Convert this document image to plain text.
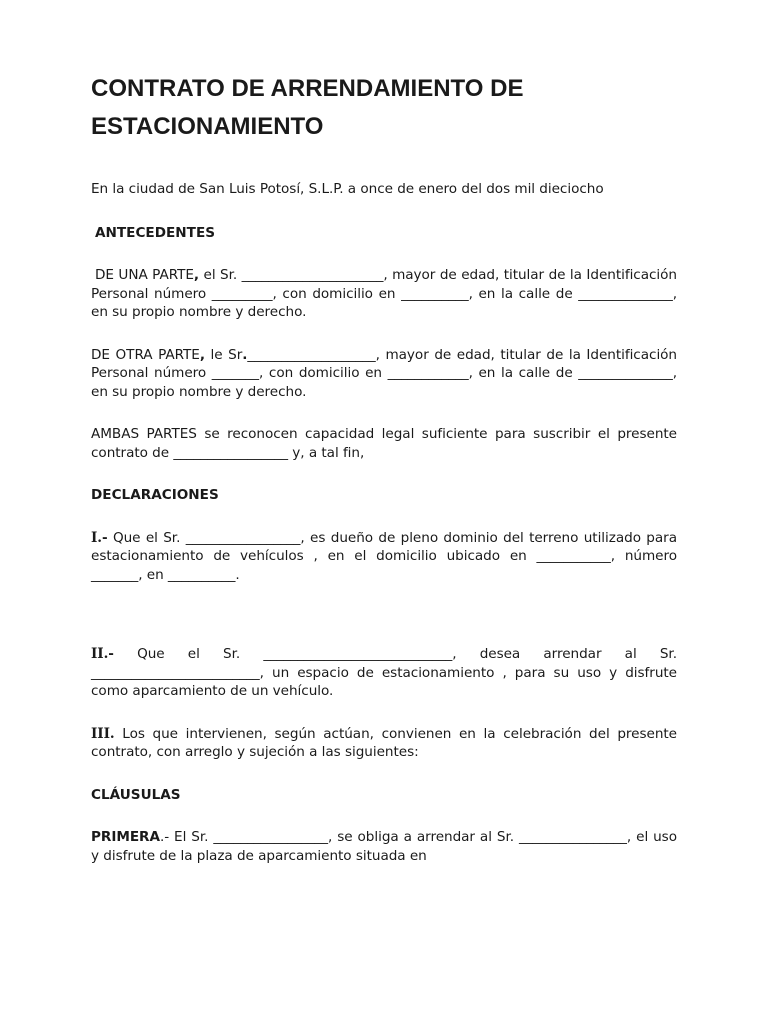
CONTRATO DE ARRENDAMIENTO DE
ESTACIONAMIENTO

En la ciudad de San Luis Potosí, S.L.P. a once de enero del dos mil dieciocho

ANTECEDENTES

DE UNA PARTE, el Sr. _____________________, mayor de edad, titular de la Identificación Personal número _________, con domicilio en __________, en la calle de ______________, en su propio nombre y derecho.

DE OTRA PARTE, le Sr.___________________, mayor de edad, titular de la Identificación Personal número _______, con domicilio en ____________, en la calle de ______________, en su propio nombre y derecho.

AMBAS PARTES se reconocen capacidad legal suficiente para suscribir el presente contrato de _________________ y, a tal fin,

DECLARACIONES

I.- Que el Sr. _________________, es dueño de pleno dominio del terreno utilizado para estacionamiento de vehículos , en el domicilio ubicado en ___________, número _______, en __________.

II.- Que el Sr. ____________________________, desea arrendar al Sr. _________________________, un espacio de estacionamiento , para su uso y disfrute como aparcamiento de un vehículo.

III. Los que intervienen, según actúan, convienen en la celebración del presente contrato, con arreglo y sujeción a las siguientes:

CLÁUSULAS

PRIMERA.- El Sr. _________________, se obliga a arrendar al Sr. ________________, el uso y disfrute de la plaza de aparcamiento situada en
